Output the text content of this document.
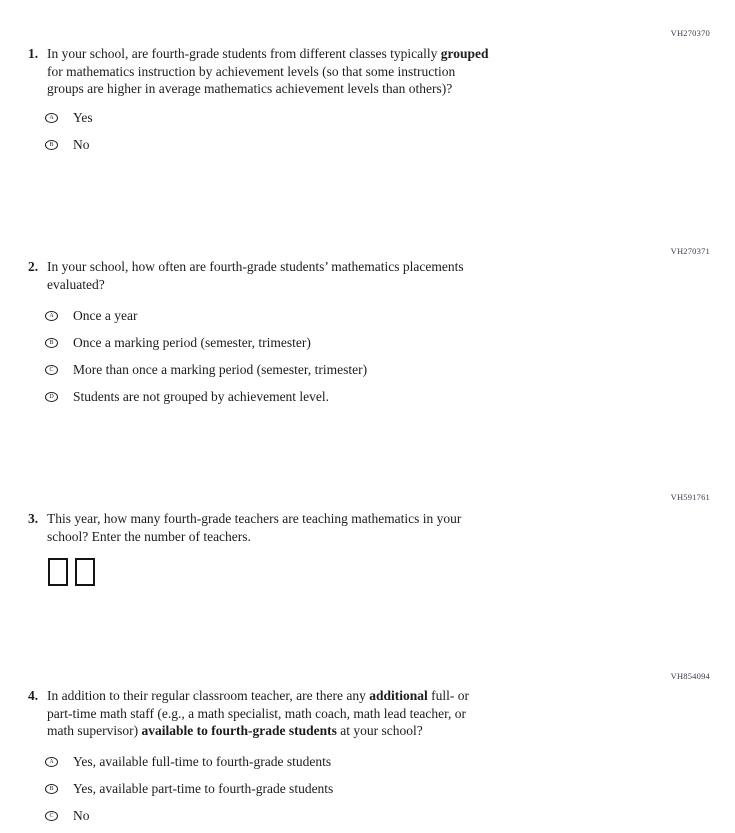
VH270370
1. In your school, are fourth-grade students from different classes typically grouped
for mathematics instruction by achievement levels (so that some instruction
groups are higher in average mathematics achievement levels than others)?

A	Yes
B	No
VH270371
2. In your school, how often are fourth-grade students’ mathematics placements
evaluated?

A	Once a year
B	Once a marking period (semester, trimester)
C	More than once a marking period (semester, trimester)
D	Students are not grouped by achievement level.
VH591761
3. This year, how many fourth-grade teachers are teaching mathematics in your
school? Enter the number of teachers.

VH854094
4. In addition to their regular classroom teacher, are there any additional full- or
part-time math staff (e.g., a math specialist, math coach, math lead teacher, or
math supervisor) available to fourth-grade students at your school?

A	Yes, available full-time to fourth-grade students
B	Yes, available part-time to fourth-grade students
C	No
